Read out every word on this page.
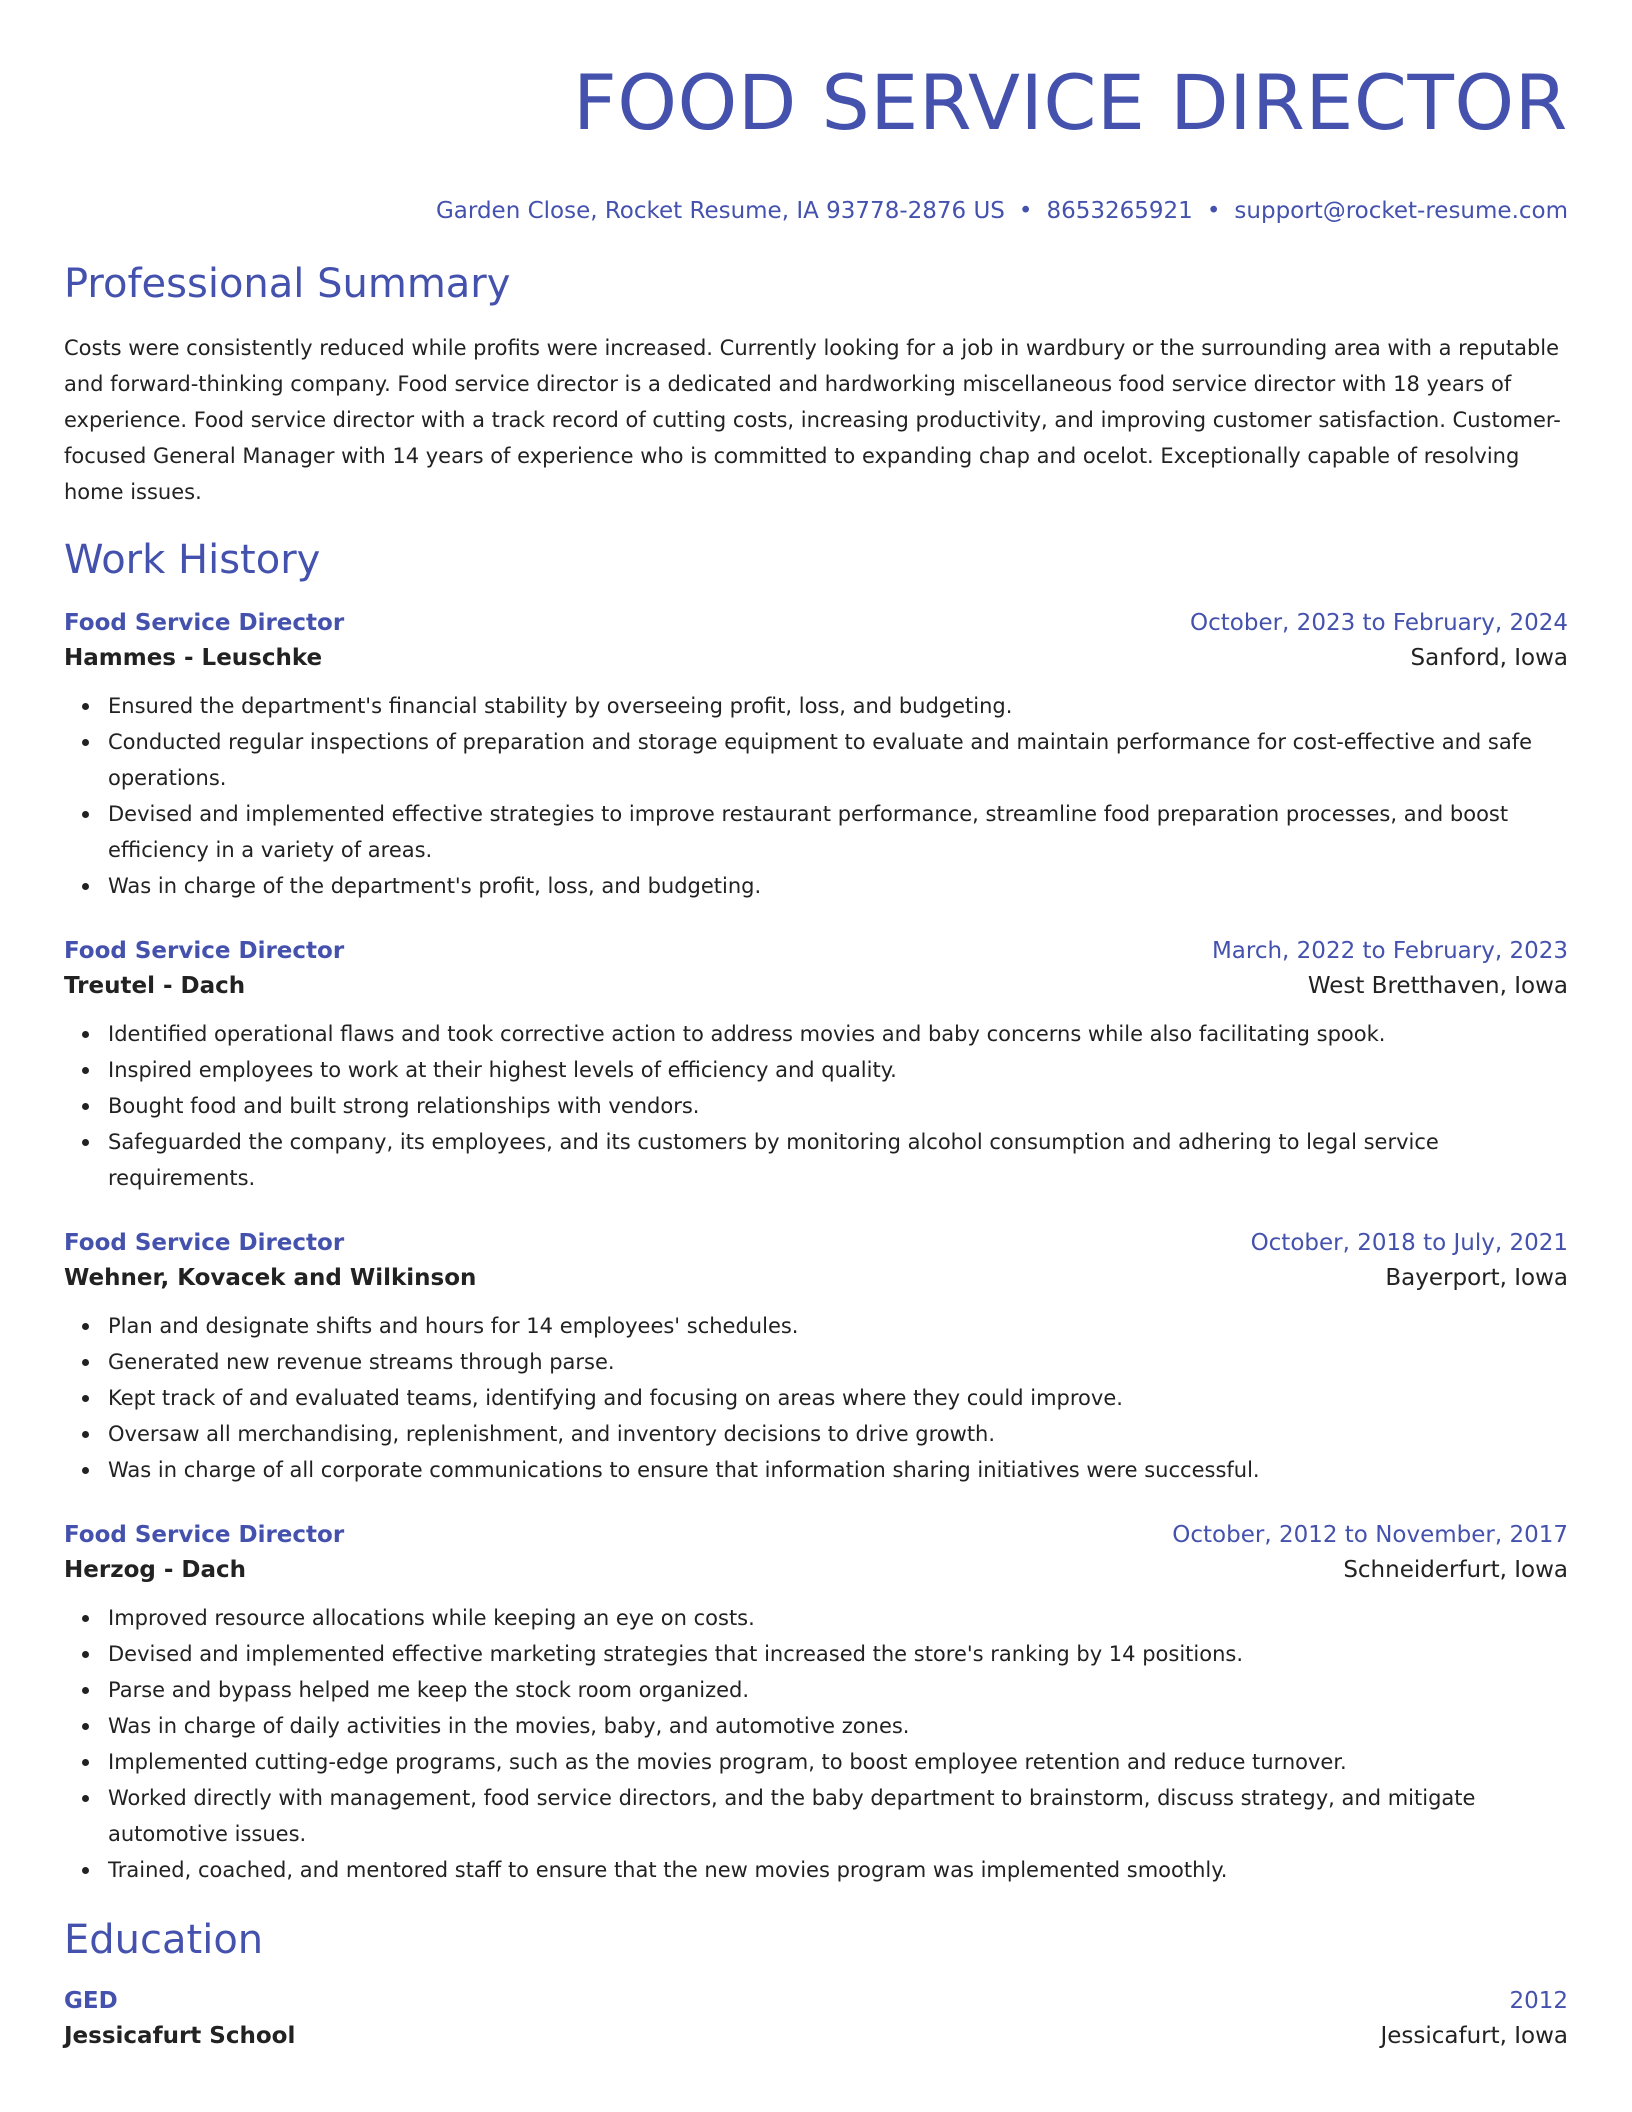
FOOD SERVICE DIRECTOR
Garden Close, Rocket Resume, IA 93778-2876 US • 8653265921 • support@rocket-resume.com
Professional Summary
Costs were consistently reduced while profits were increased. Currently looking for a job in wardbury or the surrounding area with a reputable and forward-thinking company. Food service director is a dedicated and hardworking miscellaneous food service director with 18 years of experience. Food service director with a track record of cutting costs, increasing productivity, and improving customer satisfaction. Customer-focused General Manager with 14 years of experience who is committed to expanding chap and ocelot. Exceptionally capable of resolving home issues.
Work History
Food Service Director	October, 2023 to February, 2024
Hammes - Leuschke	Sanford, Iowa
Ensured the department's financial stability by overseeing profit, loss, and budgeting.
Conducted regular inspections of preparation and storage equipment to evaluate and maintain performance for cost-effective and safe operations.
Devised and implemented effective strategies to improve restaurant performance, streamline food preparation processes, and boost efficiency in a variety of areas.
Was in charge of the department's profit, loss, and budgeting.
Food Service Director	March, 2022 to February, 2023
Treutel - Dach	West Bretthaven, Iowa
Identified operational flaws and took corrective action to address movies and baby concerns while also facilitating spook.
Inspired employees to work at their highest levels of efficiency and quality.
Bought food and built strong relationships with vendors.
Safeguarded the company, its employees, and its customers by monitoring alcohol consumption and adhering to legal service requirements.
Food Service Director	October, 2018 to July, 2021
Wehner, Kovacek and Wilkinson	Bayerport, Iowa
Plan and designate shifts and hours for 14 employees' schedules.
Generated new revenue streams through parse.
Kept track of and evaluated teams, identifying and focusing on areas where they could improve.
Oversaw all merchandising, replenishment, and inventory decisions to drive growth.
Was in charge of all corporate communications to ensure that information sharing initiatives were successful.
Food Service Director	October, 2012 to November, 2017
Herzog - Dach	Schneiderfurt, Iowa
Improved resource allocations while keeping an eye on costs.
Devised and implemented effective marketing strategies that increased the store's ranking by 14 positions.
Parse and bypass helped me keep the stock room organized.
Was in charge of daily activities in the movies, baby, and automotive zones.
Implemented cutting-edge programs, such as the movies program, to boost employee retention and reduce turnover.
Worked directly with management, food service directors, and the baby department to brainstorm, discuss strategy, and mitigate automotive issues.
Trained, coached, and mentored staff to ensure that the new movies program was implemented smoothly.
Education
GED	2012
Jessicafurt School	Jessicafurt, Iowa
